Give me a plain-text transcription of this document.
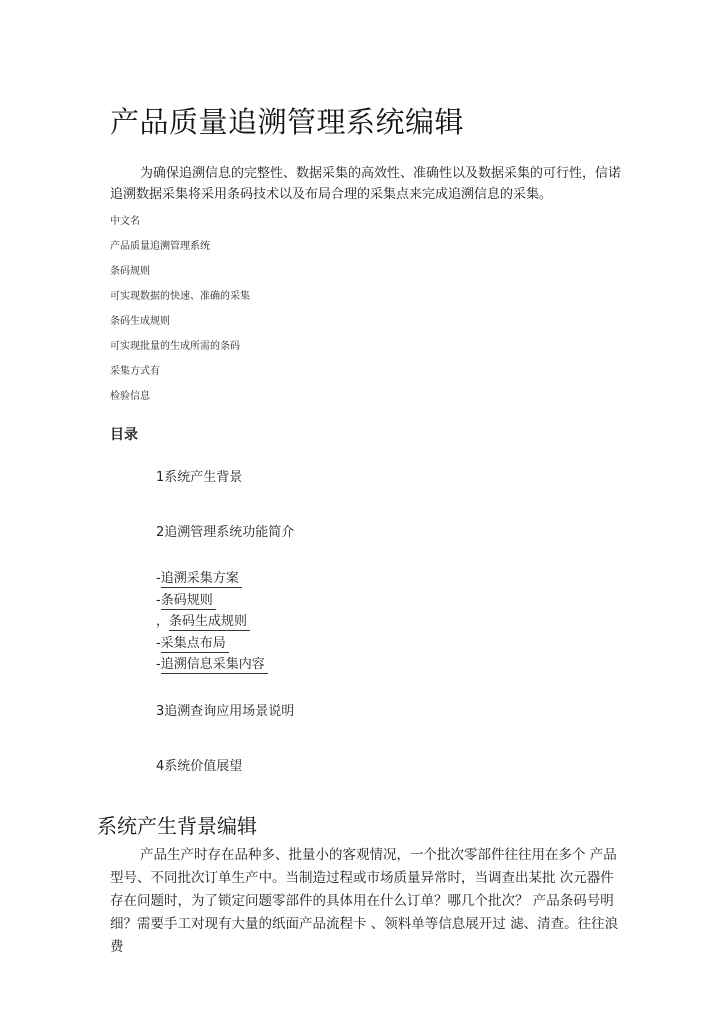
产品质量追溯管理系统编辑

为确保追溯信息的完整性、数据采集的高效性、准确性以及数据采集的可行性，信诺 追溯数据采集将采用条码技术以及布局合理的采集点来完成追溯信息的采集。

中文名
产品质量追溯管理系统
条码规则
可实现数据的快速、准确的采集
条码生成规则
可实现批量的生成所需的条码
采集方式有
检验信息
目录
1系统产生背景
2追溯管理系统功能简介
-追溯采集方案
-条码规则
，条码生成规则
-采集点布局
-追溯信息采集内容
3追溯查询应用场景说明
4系统价值展望
系统产生背景编辑

产品生产时存在品种多、批量小的客观情况，一个批次零部件往往用在多个 产品型号、不同批次订单生产中。当制造过程或市场质量异常时，当调查出某批 次元器件存在问题时，为了锁定问题零部件的具体用在什么订单？哪几个批次？ 产品条码号明细？需要手工对现有大量的纸面产品流程卡 、领料单等信息展开过 滤、清查。往往浪费
